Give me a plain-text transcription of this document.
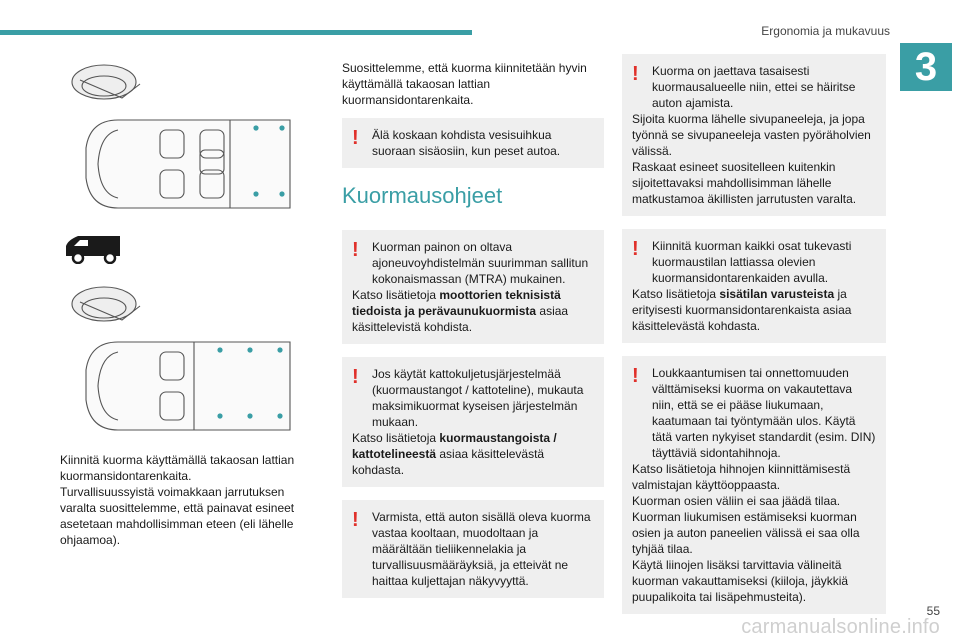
Ergonomia ja mukavuus
3

Kiinnitä kuorma käyttämällä takaosan lattian kuormansidontarenkaita.

Turvallisuussyistä voimakkaan jarrutuksen varalta suosittelemme, että painavat esineet asetetaan mahdollisimman eteen (eli lähelle ohjaamoa).

Suosittelemme, että kuorma kiinnitetään hyvin käyttämällä takaosan lattian kuormansidontarenkaita.

!	Älä koskaan kohdista vesisuihkua suoraan sisäosiin, kun peset autoa.

Kuormausohjeet
!	Kuorman painon on oltava ajoneuvoyhdistelmän suurimman sallitun kokonaismassan (MTRA) mukainen.

Katso lisätietoja moottorien teknisistä tiedoista ja perävaunukuormista asiaa käsittelevistä kohdista.

!	Jos käytät kattokuljetusjärjestelmää (kuormaustangot / kattoteline), mukauta maksimikuormat kyseisen järjestelmän mukaan.

Katso lisätietoja kuormaustangoista / kattotelineestä asiaa käsittelevästä kohdasta.

!	Varmista, että auton sisällä oleva kuorma vastaa kooltaan, muodoltaan ja määrältään tieliikennelakia ja turvallisuusmääräyksiä, ja etteivät ne haittaa kuljettajan näkyvyyttä.

!	Kuorma on jaettava tasaisesti kuormausalueelle niin, ettei se häiritse auton ajamista.

Sijoita kuorma lähelle sivupaneeleja, ja jopa työnnä se sivupaneeleja vasten pyöräholvien välissä.

Raskaat esineet suositelleen kuitenkin sijoitettavaksi mahdollisimman lähelle matkustamoa äkillisten jarrutusten varalta.

!	Kiinnitä kuorman kaikki osat tukevasti kuormaustilan lattiassa olevien kuormansidontarenkaiden avulla.

Katso lisätietoja sisätilan varusteista ja erityisesti kuormansidontarenkaista asiaa käsittelevästä kohdasta.

!	Loukkaantumisen tai onnettomuuden välttämiseksi kuorma on vakautettava niin, että se ei pääse liukumaan, kaatumaan tai työntymään ulos. Käytä tätä varten nykyiset standardit (esim. DIN) täyttäviä sidontahihnoja.

Katso lisätietoja hihnojen kiinnittämisestä valmistajan käyttöoppaasta.

Kuorman osien väliin ei saa jäädä tilaa.

Kuorman liukumisen estämiseksi kuorman osien ja auton paneelien välissä ei saa olla tyhjää tilaa.

Käytä liinojen lisäksi tarvittavia välineitä kuorman vakauttamiseksi (kiiloja, jäykkiä puupalikoita tai lisäpehmusteita).

carmanualsonline.info
55
